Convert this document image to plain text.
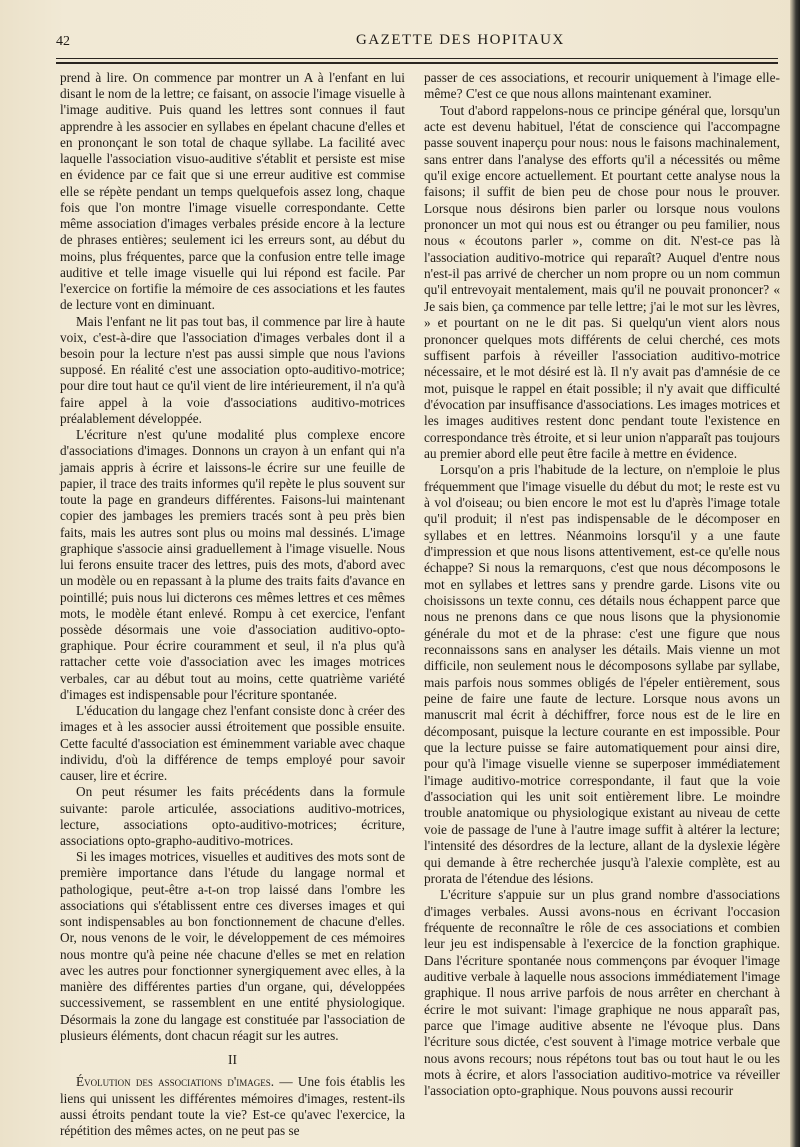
42	GAZETTE DES HOPITAUX

prend à lire. On commence par montrer un A à l'enfant en lui disant le nom de la lettre; ce faisant, on associe l'image visuelle à l'image auditive. Puis quand les lettres sont connues il faut apprendre à les associer en syllabes en épelant chacune d'elles et en prononçant le son total de chaque syllabe. La facilité avec laquelle l'association visuo-auditive s'établit et persiste est mise en évidence par ce fait que si une erreur auditive est commise elle se répète pendant un temps quelquefois assez long, chaque fois que l'on montre l'image visuelle correspondante. Cette même association d'images verbales préside encore à la lecture de phrases entières; seulement ici les erreurs sont, au début du moins, plus fréquentes, parce que la confusion entre telle image auditive et telle image visuelle qui lui répond est facile. Par l'exercice on fortifie la mémoire de ces associations et les fautes de lecture vont en diminuant.

Mais l'enfant ne lit pas tout bas, il commence par lire à haute voix, c'est-à-dire que l'association d'images verbales dont il a besoin pour la lecture n'est pas aussi simple que nous l'avions supposé. En réalité c'est une association opto-auditivo-motrice; pour dire tout haut ce qu'il vient de lire intérieurement, il n'a qu'à faire appel à la voie d'associations auditivo-motrices préalablement développée.

L'écriture n'est qu'une modalité plus complexe encore d'associations d'images. Donnons un crayon à un enfant qui n'a jamais appris à écrire et laissons-le écrire sur une feuille de papier, il trace des traits informes qu'il repète le plus souvent sur toute la page en grandeurs différentes. Faisons-lui maintenant copier des jambages les premiers tracés sont à peu près bien faits, mais les autres sont plus ou moins mal dessinés. L'image graphique s'associe ainsi graduellement à l'image visuelle. Nous lui ferons ensuite tracer des lettres, puis des mots, d'abord avec un modèle ou en repassant à la plume des traits faits d'avance en pointillé; puis nous lui dicterons ces mêmes lettres et ces mêmes mots, le modèle étant enlevé. Rompu à cet exercice, l'enfant possède désormais une voie d'association auditivo-opto-graphique. Pour écrire couramment et seul, il n'a plus qu'à rattacher cette voie d'association avec les images motrices verbales, car au début tout au moins, cette quatrième variété d'images est indispensable pour l'écriture spontanée.

L'éducation du langage chez l'enfant consiste donc à créer des images et à les associer aussi étroitement que possible ensuite. Cette faculté d'association est éminemment variable avec chaque individu, d'où la différence de temps employé pour savoir causer, lire et écrire.

On peut résumer les faits précédents dans la formule suivante: parole articulée, associations auditivo-motrices, lecture, associations opto-auditivo-motrices; écriture, associations opto-grapho-auditivo-motrices.

Si les images motrices, visuelles et auditives des mots sont de première importance dans l'étude du langage normal et pathologique, peut-être a-t-on trop laissé dans l'ombre les associations qui s'établissent entre ces diverses images et qui sont indispensables au bon fonctionnement de chacune d'elles. Or, nous venons de le voir, le développement de ces mémoires nous montre qu'à peine née chacune d'elles se met en relation avec les autres pour fonctionner synergiquement avec elles, à la manière des différentes parties d'un organe, qui, développées successivement, se rassemblent en une entité physiologique. Désormais la zone du langage est constituée par l'association de plusieurs éléments, dont chacun réagit sur les autres.

II

Évolution des associations d'images. — Une fois établis les liens qui unissent les différentes mémoires d'images, restent-ils aussi étroits pendant toute la vie? Est-ce qu'avec l'exercice, la répétition des mêmes actes, on ne peut pas se

passer de ces associations, et recourir uniquement à l'image elle-même? C'est ce que nous allons maintenant examiner.

Tout d'abord rappelons-nous ce principe général que, lorsqu'un acte est devenu habituel, l'état de conscience qui l'accompagne passe souvent inaperçu pour nous: nous le faisons machinalement, sans entrer dans l'analyse des efforts qu'il a nécessités ou même qu'il exige encore actuellement. Et pourtant cette analyse nous la faisons; il suffit de bien peu de chose pour nous le prouver. Lorsque nous désirons bien parler ou lorsque nous voulons prononcer un mot qui nous est ou étranger ou peu familier, nous nous « écoutons parler », comme on dit. N'est-ce pas là l'association auditivo-motrice qui reparaît? Auquel d'entre nous n'est-il pas arrivé de chercher un nom propre ou un nom commun qu'il entrevoyait mentalement, mais qu'il ne pouvait prononcer? « Je sais bien, ça commence par telle lettre; j'ai le mot sur les lèvres, » et pourtant on ne le dit pas. Si quelqu'un vient alors nous prononcer quelques mots différents de celui cherché, ces mots suffisent parfois à réveiller l'association auditivo-motrice nécessaire, et le mot désiré est là. Il n'y avait pas d'amnésie de ce mot, puisque le rappel en était possible; il n'y avait que difficulté d'évocation par insuffisance d'associations. Les images motrices et les images auditives restent donc pendant toute l'existence en correspondance très étroite, et si leur union n'apparaît pas toujours au premier abord elle peut être facile à mettre en évidence.

Lorsqu'on a pris l'habitude de la lecture, on n'emploie le plus fréquemment que l'image visuelle du début du mot; le reste est vu à vol d'oiseau; ou bien encore le mot est lu d'après l'image totale qu'il produit; il n'est pas indispensable de le décomposer en syllabes et en lettres. Néanmoins lorsqu'il y a une faute d'impression et que nous lisons attentivement, est-ce qu'elle nous échappe? Si nous la remarquons, c'est que nous décomposons le mot en syllabes et lettres sans y prendre garde. Lisons vite ou choisissons un texte connu, ces détails nous échappent parce que nous ne prenons dans ce que nous lisons que la physionomie générale du mot et de la phrase: c'est une figure que nous reconnaissons sans en analyser les détails. Mais vienne un mot difficile, non seulement nous le décomposons syllabe par syllabe, mais parfois nous sommes obligés de l'épeler entièrement, sous peine de faire une faute de lecture. Lorsque nous avons un manuscrit mal écrit à déchiffrer, force nous est de le lire en décomposant, puisque la lecture courante en est impossible. Pour que la lecture puisse se faire automatiquement pour ainsi dire, pour qu'à l'image visuelle vienne se superposer immédiatement l'image auditivo-motrice correspondante, il faut que la voie d'association qui les unit soit entièrement libre. Le moindre trouble anatomique ou physiologique existant au niveau de cette voie de passage de l'une à l'autre image suffit à altérer la lecture; l'intensité des désordres de la lecture, allant de la dyslexie légère qui demande à être recherchée jusqu'à l'alexie complète, est au prorata de l'étendue des lésions.

L'écriture s'appuie sur un plus grand nombre d'associations d'images verbales. Aussi avons-nous en écrivant l'occasion fréquente de reconnaître le rôle de ces associations et combien leur jeu est indispensable à l'exercice de la fonction graphique. Dans l'écriture spontanée nous commençons par évoquer l'image auditive verbale à laquelle nous associons immédiatement l'image graphique. Il nous arrive parfois de nous arrêter en cherchant à écrire le mot suivant: l'image graphique ne nous apparaît pas, parce que l'image auditive absente ne l'évoque plus. Dans l'écriture sous dictée, c'est souvent à l'image motrice verbale que nous avons recours; nous répétons tout bas ou tout haut le ou les mots à écrire, et alors l'association auditivo-motrice va réveiller l'association opto-graphique. Nous pouvons aussi recourir
